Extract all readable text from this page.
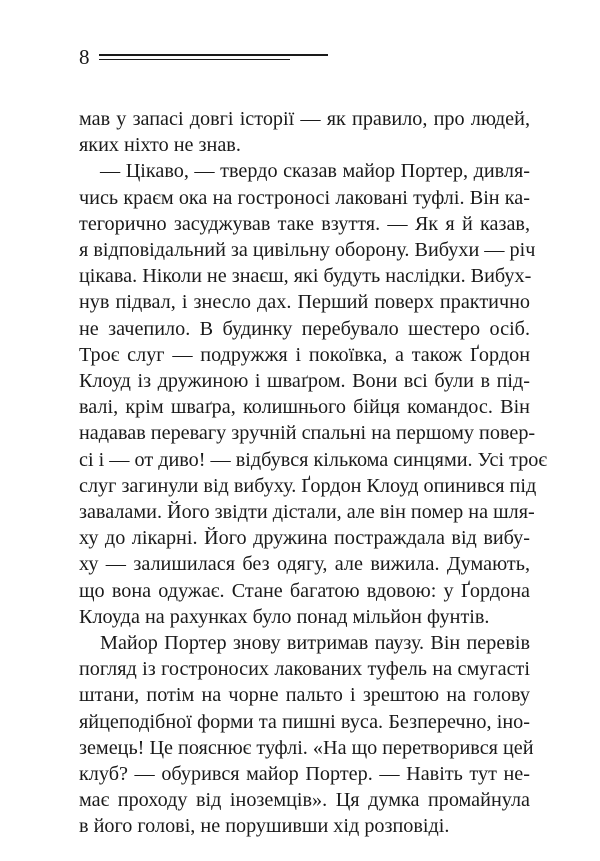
8

мав у запасі довгі історії — як правило, про людей,
яких ніхто не знав.

— Цікаво, — твердо сказав майор Портер, дивля-
чись краєм ока на гостроносі лаковані туфлі. Він ка-
тегорично засуджував таке взуття. — Як я й казав,
я відповідальний за цивільну оборону. Вибухи — річ
цікава. Ніколи не знаєш, які будуть наслідки. Вибух-
нув підвал, і знесло дах. Перший поверх практично
не зачепило. В будинку перебувало шестеро осіб.
Троє слуг — подружжя і покоївка, а також Ґордон
Клоуд із дружиною і шваґром. Вони всі були в під-
валі, крім шваґра, колишнього бійця командос. Він
надавав перевагу зручній спальні на першому повер-
сі і — от диво! — відбувся кількома синцями. Усі троє
слуг загинули від вибуху. Ґордон Клоуд опинився під
завалами. Його звідти дістали, але він помер на шля-
ху до лікарні. Його дружина постраждала від вибу-
ху — залишилася без одягу, але вижила. Думають,
що вона одужає. Стане багатою вдовою: у Ґордона
Клоуда на рахунках було понад мільйон фунтів.

Майор Портер знову витримав паузу. Він перевів
погляд із гостроносих лакованих туфель на смугасті
штани, потім на чорне пальто і зрештою на голову
яйцеподібної форми та пишні вуса. Безперечно, іно-
земець! Це пояснює туфлі. «На що перетворився цей
клуб? — обурився майор Портер. — Навіть тут не-
має проходу від іноземців». Ця думка промайнула
в його голові, не порушивши хід розповіді.
